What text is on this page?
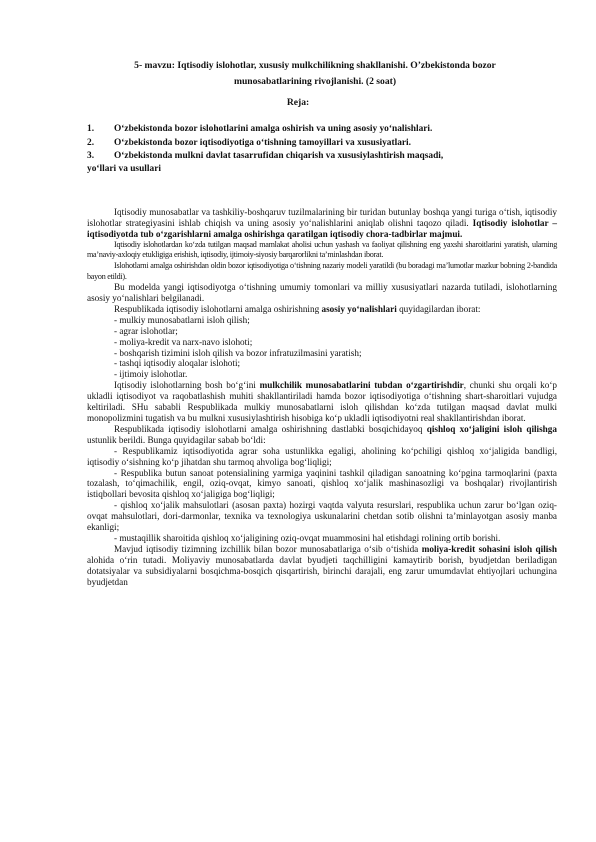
5- mavzu: Iqtisodiy islohotlar, xususiy mulkchilikning shakllanishi. O’zbekistonda bozor
munosabatlarining rivojlanishi. (2 soat)
Reja:
1. O‘zbekistonda bozor islohotlarini amalga oshirish va uning asosiy yo‘nalishlari.
2. O‘zbekistonda bozor iqtisodiyotiga o‘tishning tamoyillari va xususiyatlari.
3. O‘zbekistonda mulkni davlat tasarrufidan chiqarish va xususiylashtirish maqsadi,
yo‘llari va usullari

Iqtisodiy munosabatlar va tashkiliy-boshqaruv tuzilmalarining bir turidan butunlay boshqa yangi turiga o‘tish, iqtisodiy islohotlar strategiyasini ishlab chiqish va uning asosiy yo‘nalishlarini aniqlab olishni taqozo qiladi. Iqtisodiy islohotlar – iqtisodiyotda tub o‘zgarishlarni amalga oshirishga qaratilgan iqtisodiy chora-tadbirlar majmui.

Iqtisodiy islohotlardan ko‘zda tutilgan maqsad mamlakat aholisi uchun yashash va faoliyat qilishning eng yaxshi sharoitlarini yaratish, ularning ma’naviy-axloqiy etukligiga erishish, iqtisodiy, ijtimoiy-siyosiy barqarorlikni ta’minlashdan iborat.

Islohotlarni amalga oshirishdan oldin bozor iqtisodiyotiga o‘tishning nazariy modeli yaratildi (bu boradagi ma’lumotlar mazkur bobning 2-bandida bayon etildi).

Bu modelda yangi iqtisodiyotga o‘tishning umumiy tomonlari va milliy xususiyatlari nazarda tutiladi, islohotlarning asosiy yo‘nalishlari belgilanadi.

Respublikada iqtisodiy islohotlarni amalga oshirishning asosiy yo‘nalishlari quyidagilardan iborat:

- mulkiy munosabatlarni isloh qilish;

- agrar islohotlar;

- moliya-kredit va narx-navo islohoti;

- boshqarish tizimini isloh qilish va bozor infratuzilmasini yaratish;

- tashqi iqtisodiy aloqalar islohoti;

- ijtimoiy islohotlar.

Iqtisodiy islohotlarning bosh bo‘g‘ini mulkchilik munosabatlarini tubdan o‘zgartirishdir, chunki shu orqali ko‘p ukladli iqtisodiyot va raqobatlashish muhiti shakllantiriladi hamda bozor iqtisodiyotiga o‘tishning shart-sharoitlari vujudga keltiriladi. SHu sababli Respublikada mulkiy munosabatlarni isloh qilishdan ko‘zda tutilgan maqsad davlat mulki monopolizmini tugatish va bu mulkni xususiylashtirish hisobiga ko‘p ukladli iqtisodiyotni real shakllantirishdan iborat.

Respublikada iqtisodiy islohotlarni amalga oshirishning dastlabki bosqichidayoq qishloq xo‘jaligini isloh qilishga ustunlik berildi. Bunga quyidagilar sabab bo‘ldi:

- Respublikamiz iqtisodiyotida agrar soha ustunlikka egaligi, aholining ko‘pchiligi qishloq xo‘jaligida bandligi, iqtisodiy o‘sishning ko‘p jihatdan shu tarmoq ahvoliga bog‘liqligi;

- Respublika butun sanoat potensialining yarmiga yaqinini tashkil qiladigan sanoatning ko‘pgina tarmoqlarini (paxta tozalash, to‘qimachilik, engil, oziq-ovqat, kimyo sanoati, qishloq xo‘jalik mashinasozligi va boshqalar) rivojlantirish istiqbollari bevosita qishloq xo‘jaligiga bog‘liqligi;

- qishloq xo‘jalik mahsulotlari (asosan paxta) hozirgi vaqtda valyuta resurslari, respublika uchun zarur bo‘lgan oziq-ovqat mahsulotlari, dori-darmonlar, texnika va texnologiya uskunalarini chetdan sotib olishni ta’minlayotgan asosiy manba ekanligi;

- mustaqillik sharoitida qishloq xo‘jaligining oziq-ovqat muammosini hal etishdagi rolining ortib borishi.

Mavjud iqtisodiy tizimning izchillik bilan bozor munosabatlariga o‘sib o‘tishida moliya-kredit sohasini isloh qilish alohida o‘rin tutadi. Moliyaviy munosabatlarda davlat byudjeti taqchilligini kamaytirib borish, byudjetdan beriladigan dotatsiyalar va subsidiyalarni bosqichma-bosqich qisqartirish, birinchi darajali, eng zarur umumdavlat ehtiyojlari uchungina byudjetdan
